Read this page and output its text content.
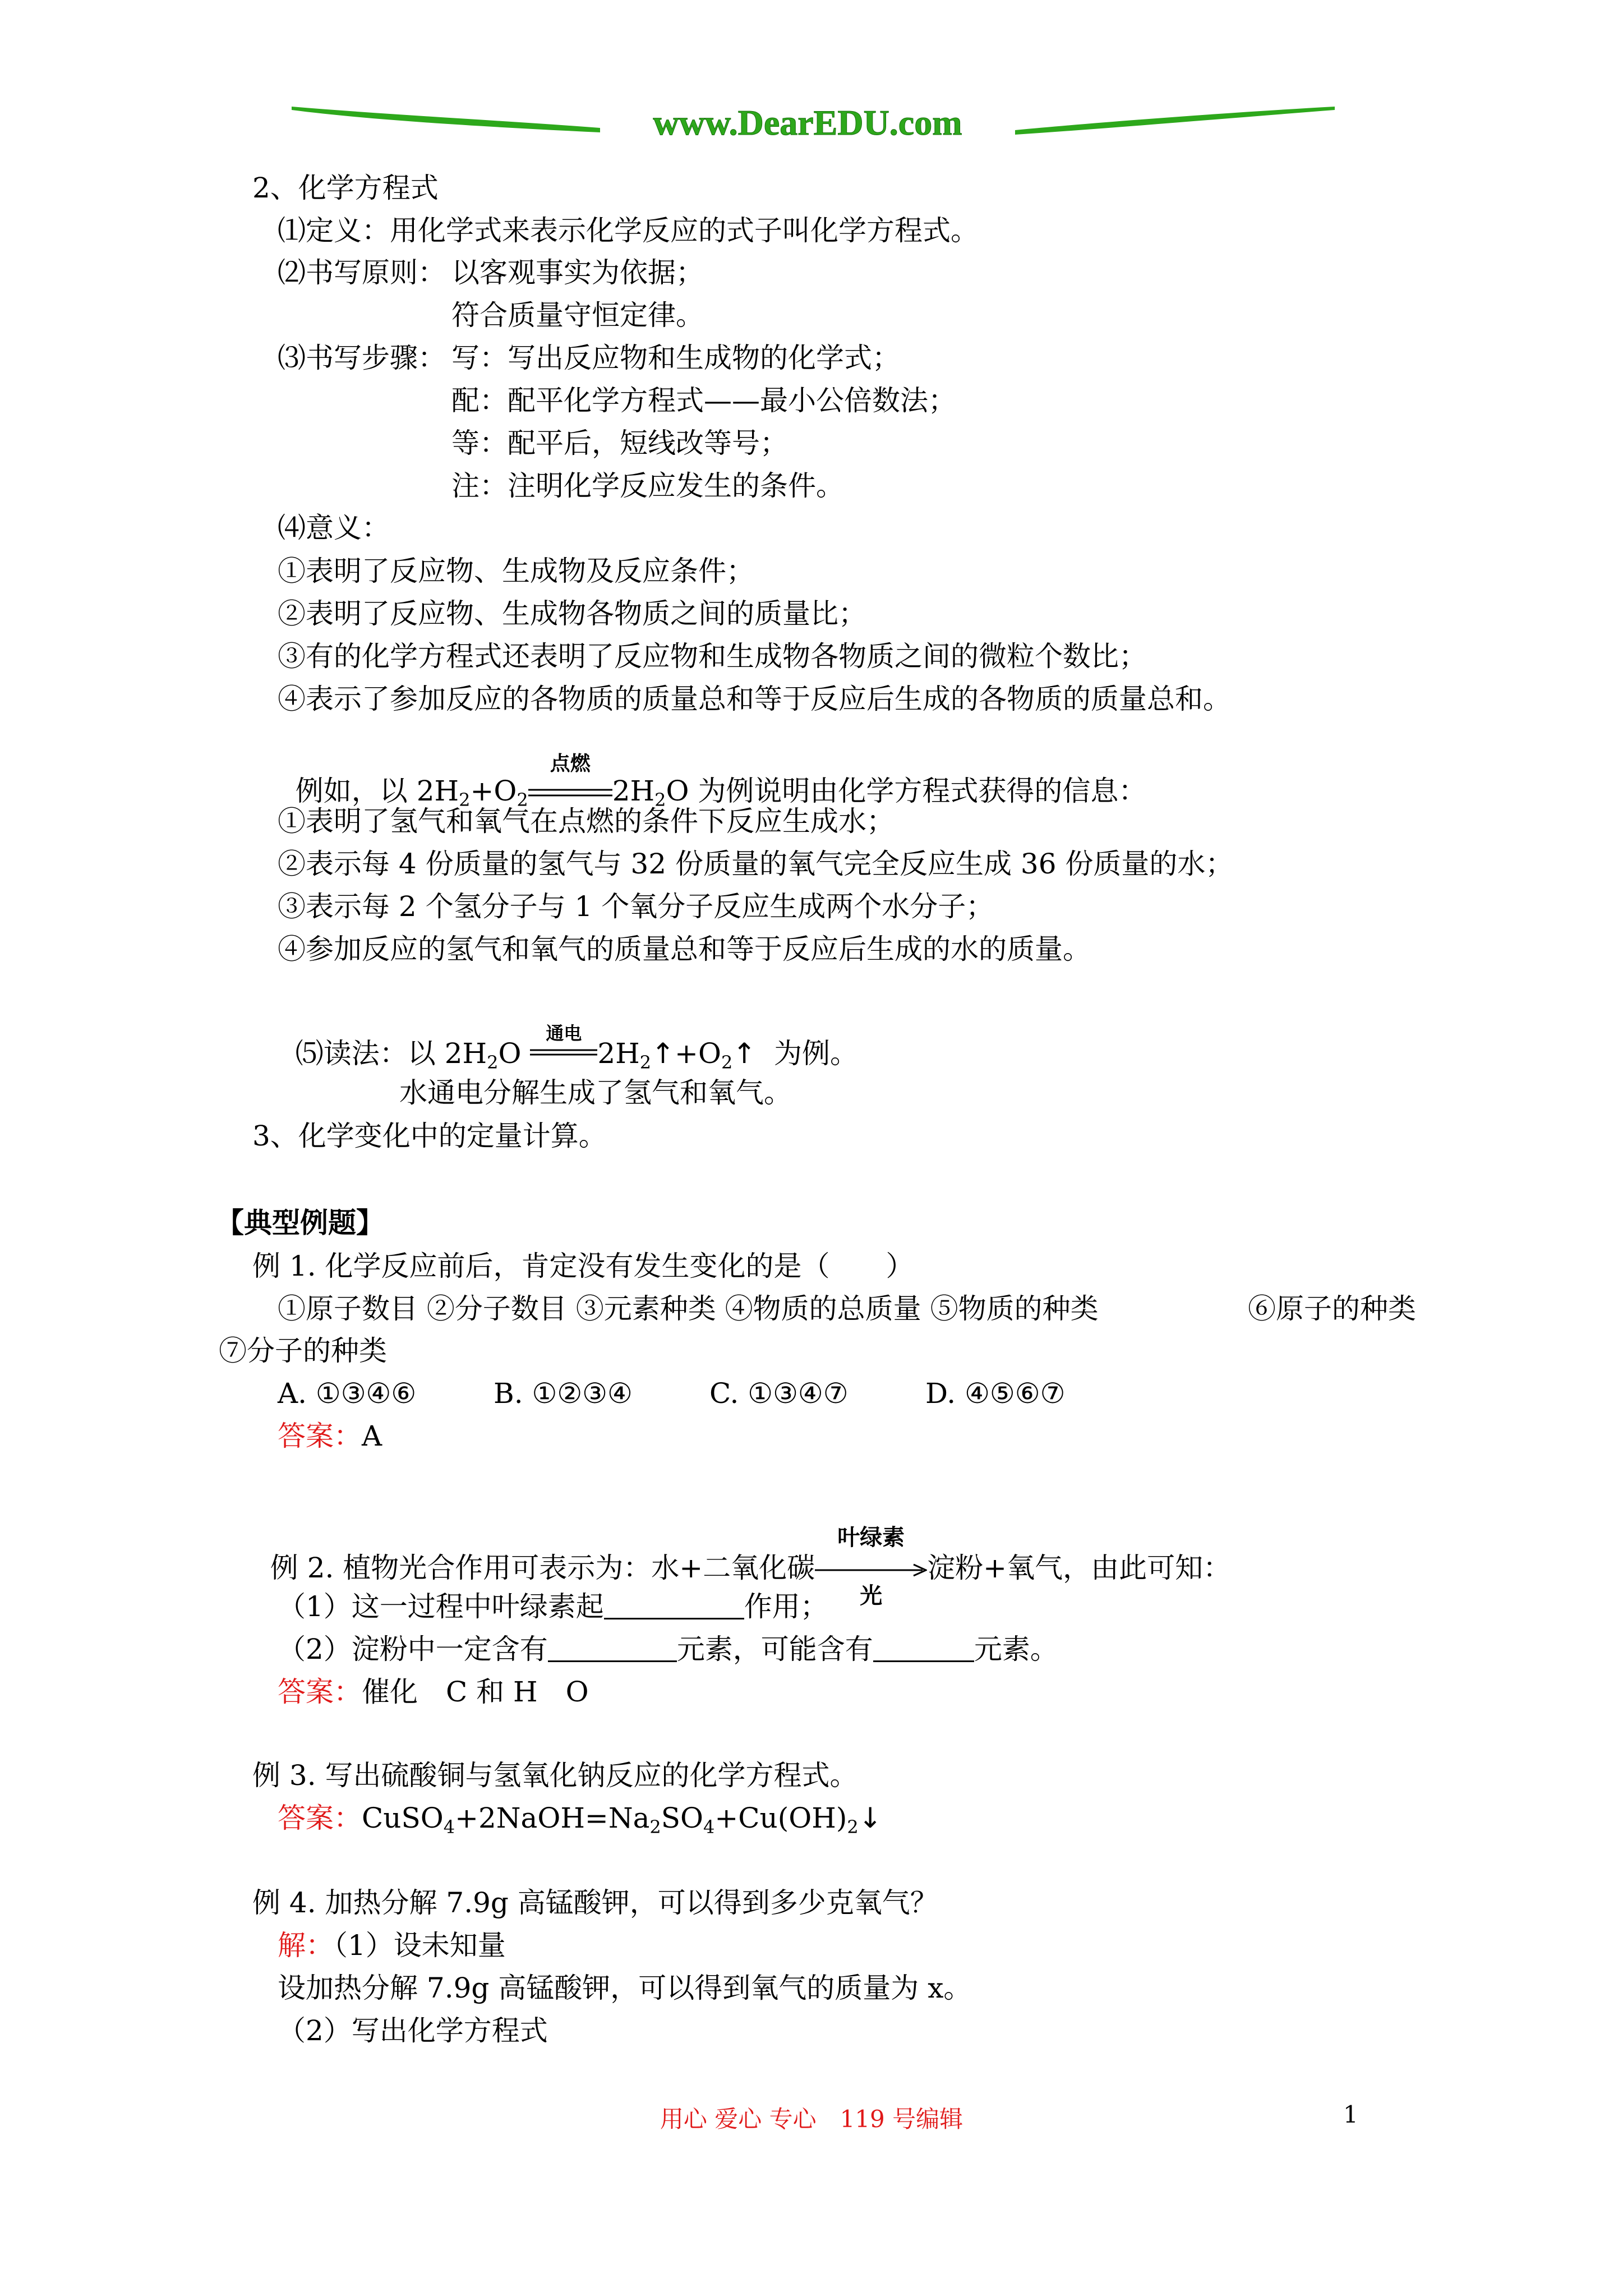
www.DearEDU.com
2、化学方程式
⑴定义：用化学式来表示化学反应的式子叫化学方程式。
⑵书写原则： 以客观事实为依据；
符合质量守恒定律。
⑶书写步骤： 写：写出反应物和生成物的化学式；
配：配平化学方程式——最小公倍数法；
等：配平后，短线改等号；
注：注明化学反应发生的条件。
⑷意义：
①表明了反应物、生成物及反应条件；
②表明了反应物、生成物各物质之间的质量比；
③有的化学方程式还表明了反应物和生成物各物质之间的微粒个数比；
④表示了参加反应的各物质的质量总和等于反应后生成的各物质的质量总和。

例如，以 $2H_2+O_2$

点燃

$2H_2O$ 为例说明由化学方程式获得的信息：

①表明了氢气和氧气在点燃的条件下反应生成水；
②表示每 4 份质量的氢气与 32 份质量的氧气完全反应生成 36 份质量的水；
③表示每 2 个氢分子与 1 个氧分子反应生成两个水分子；
④参加反应的氢气和氧气的质量总和等于反应后生成的水的质量。

⑸读法：以 $2H_2O$

通电

$2H_2↑+O_2↑$ 为例。

水通电分解生成了氢气和氧气。
3、化学变化中的定量计算。
【典型例题】
例 1. 化学反应前后，肯定没有发生变化的是（　　）
①原子数目 ②分子数目 ③元素种类 ④物质的总质量 ⑤物质的种类	⑥原子的种类
⑦分子的种类
A. ①③④⑥	B. ①②③④	C. ①③④⑦	D. ④⑤⑥⑦
答案：A

例 2. 植物光合作用可表示为：水+二氧化碳

叶绿素

光

淀粉+氧气，由此可知：

（1）这一过程中叶绿素起	作用；
（2）淀粉中一定含有	元素，可能含有	元素。
答案：催化　C 和 H　O
例 3. 写出硫酸铜与氢氧化钠反应的化学方程式。
答案：$CuSO_4+2NaOH=Na_2SO_4+Cu(OH)_2↓$
例 4. 加热分解 7.9g 高锰酸钾，可以得到多少克氧气？
解：（1）设未知量
设加热分解 7.9g 高锰酸钾，可以得到氧气的质量为 x。
（2）写出化学方程式
用心 爱心 专心　119 号编辑	1
